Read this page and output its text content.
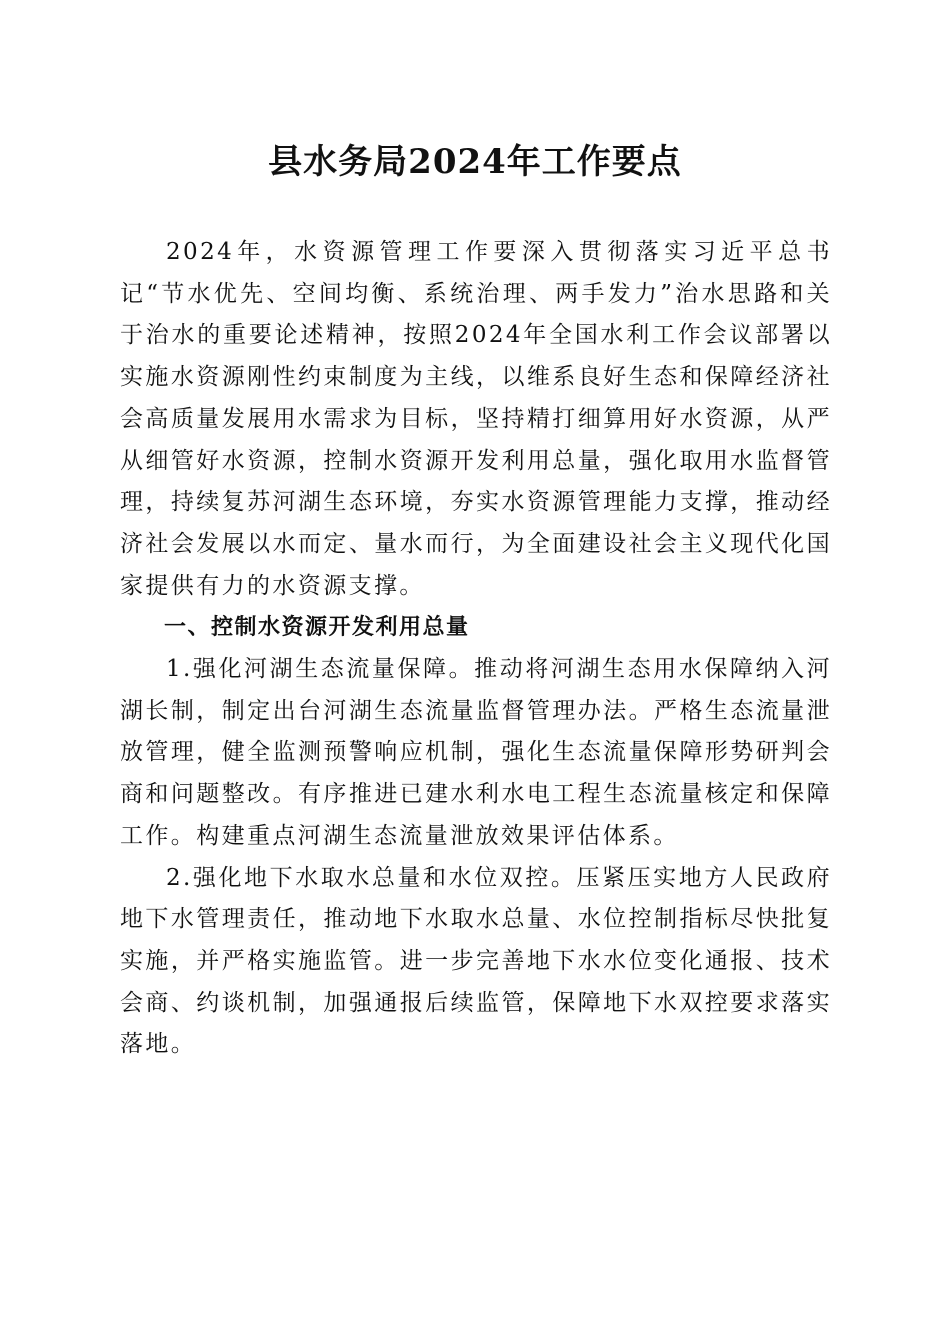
县水务局2024年工作要点

2024年，水资源管理工作要深入贯彻落实习近平总书记“节水优先、空间均衡、系统治理、两手发力”治水思路和关于治水的重要论述精神，按照2024年全国水利工作会议部署以实施水资源刚性约束制度为主线，以维系良好生态和保障经济社会高质量发展用水需求为目标，坚持精打细算用好水资源，从严从细管好水资源，控制水资源开发利用总量，强化取用水监督管理，持续复苏河湖生态环境，夯实水资源管理能力支撑，推动经济社会发展以水而定、量水而行，为全面建设社会主义现代化国家提供有力的水资源支撑。

一、控制水资源开发利用总量

1.强化河湖生态流量保障。推动将河湖生态用水保障纳入河湖长制，制定出台河湖生态流量监督管理办法。严格生态流量泄放管理，健全监测预警响应机制，强化生态流量保障形势研判会商和问题整改。有序推进已建水利水电工程生态流量核定和保障工作。构建重点河湖生态流量泄放效果评估体系。

2.强化地下水取水总量和水位双控。压紧压实地方人民政府地下水管理责任，推动地下水取水总量、水位控制指标尽快批复实施，并严格实施监管。进一步完善地下水水位变化通报、技术会商、约谈机制，加强通报后续监管，保障地下水双控要求落实落地。
